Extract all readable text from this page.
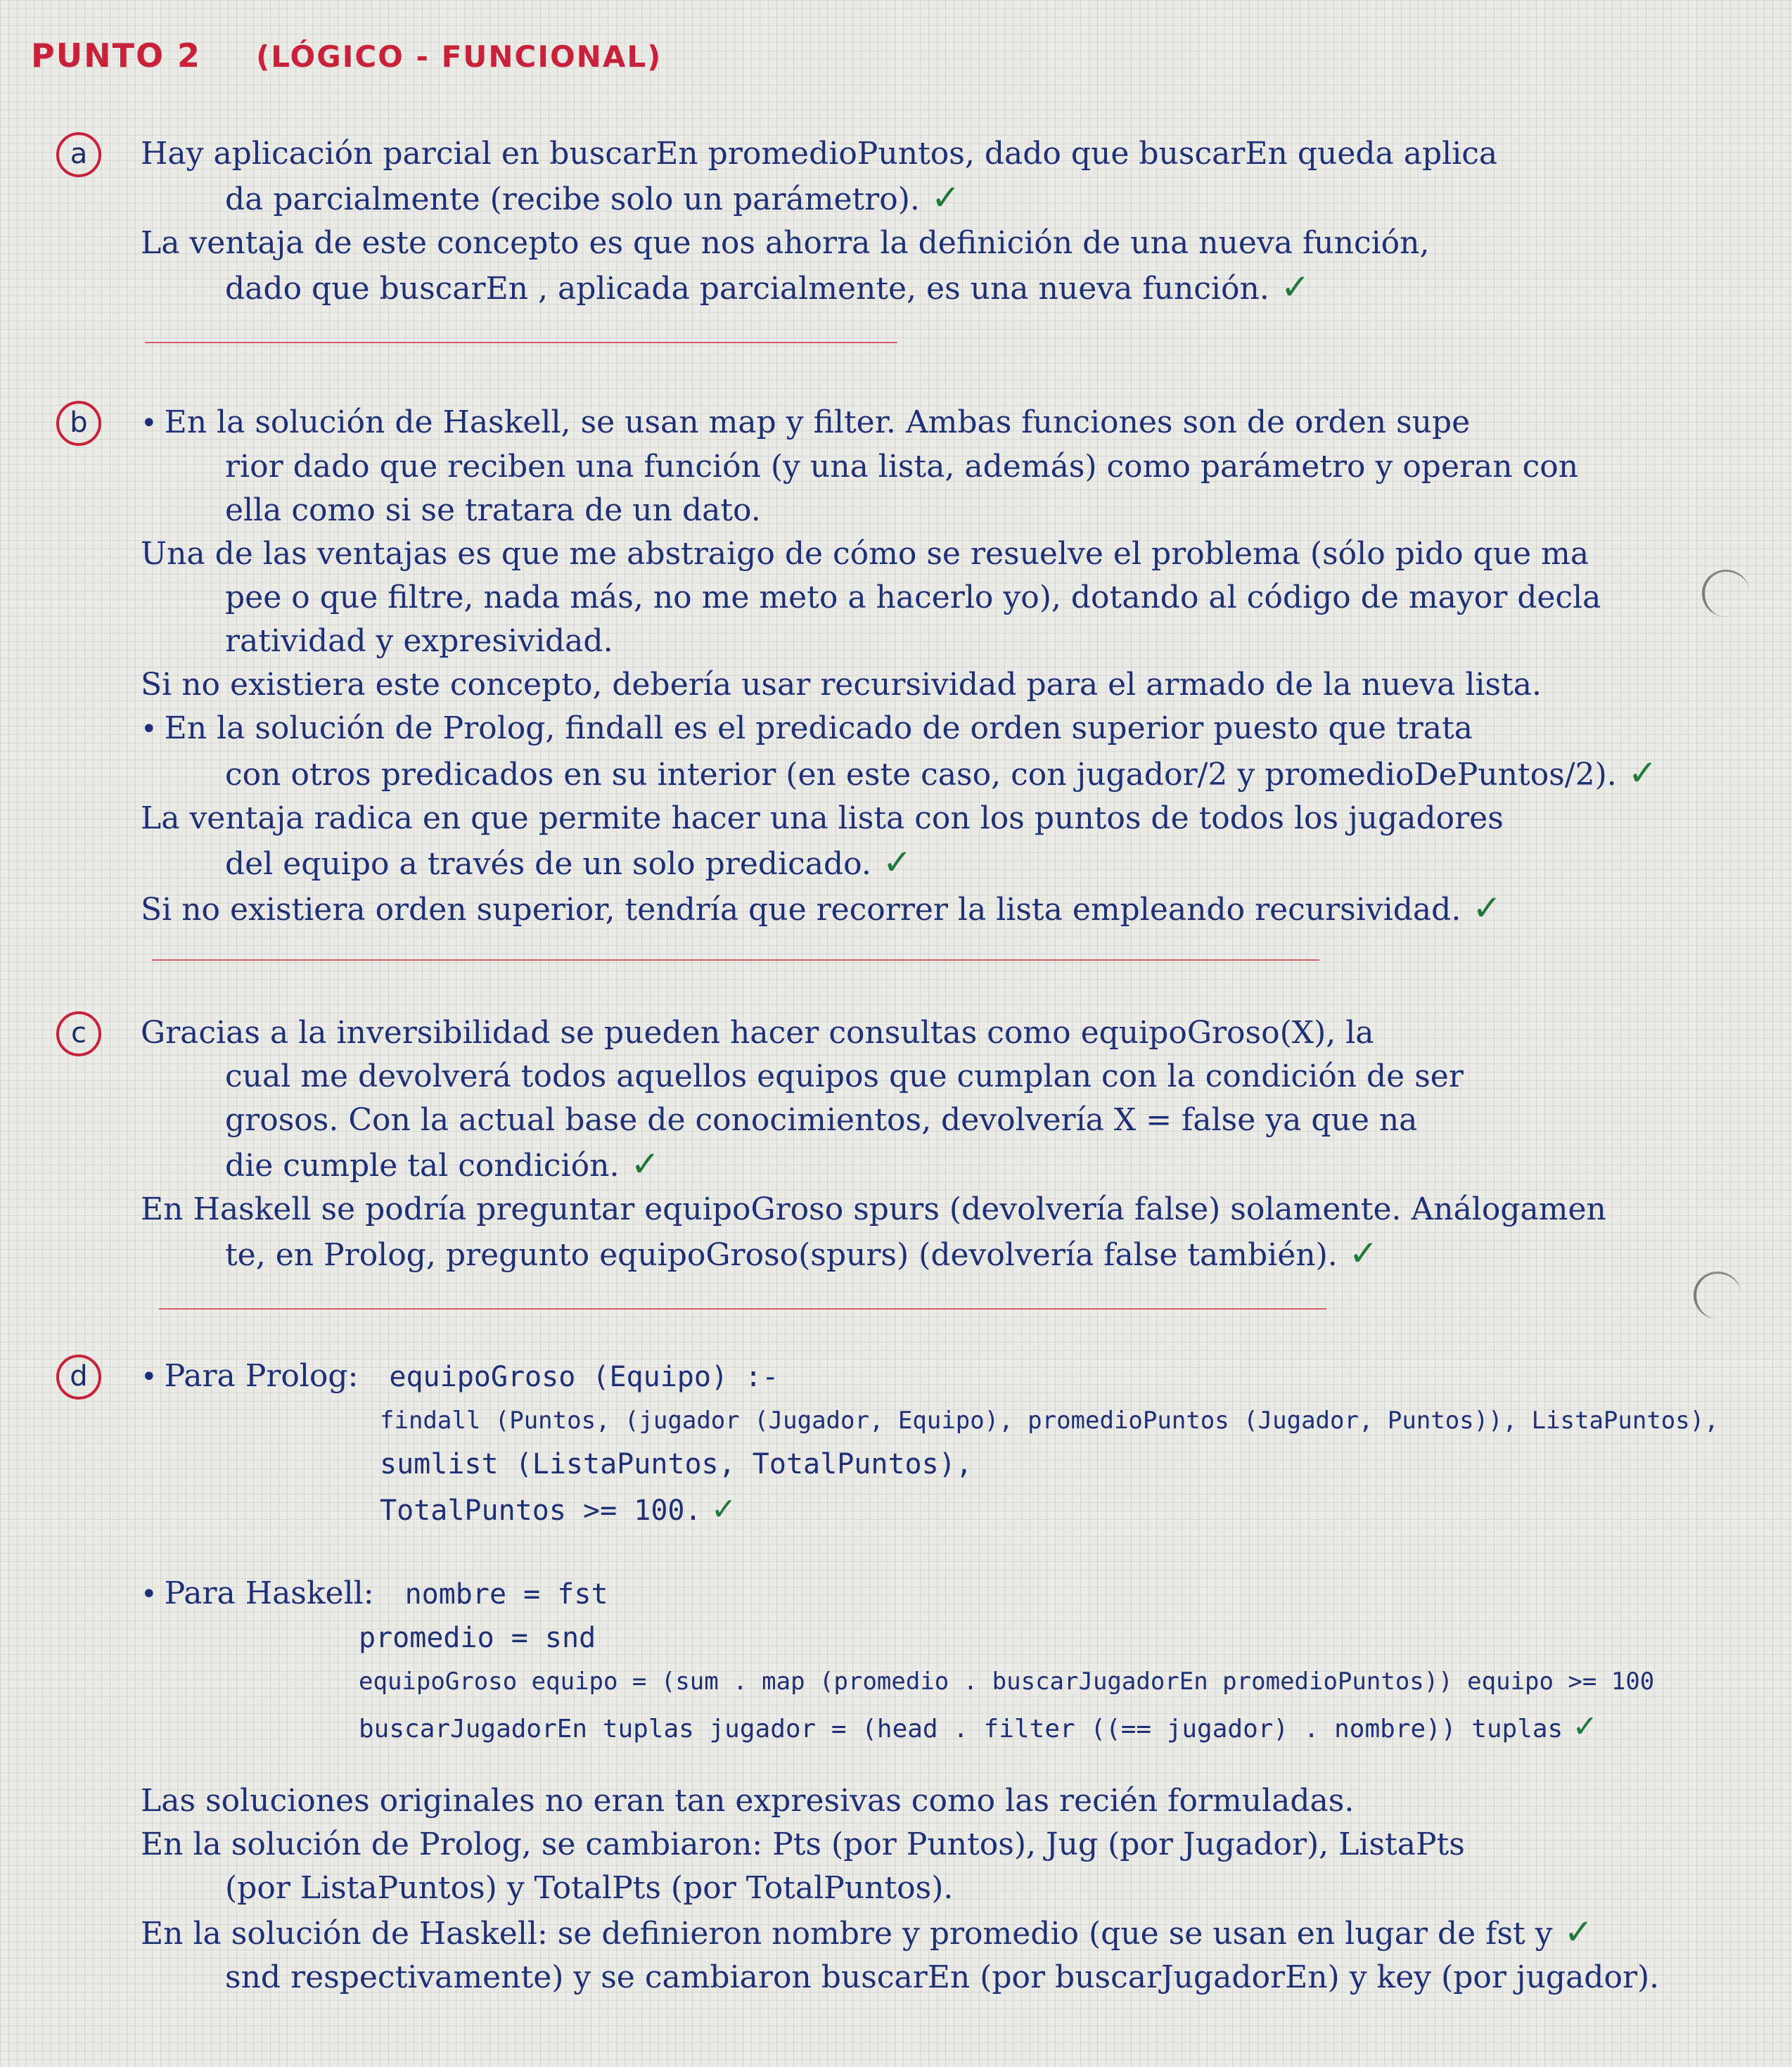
PUNTO 2 (LÓGICO - FUNCIONAL)
a	Hay aplicación parcial en buscarEn promedioPuntos, dado que buscarEn queda aplica
da parcialmente (recibe solo un parámetro). ✓
La ventaja de este concepto es que nos ahorra la definición de una nueva función,
dado que buscarEn , aplicada parcialmente, es una nueva función. ✓
b	• En la solución de Haskell, se usan map y filter. Ambas funciones son de orden supe
rior dado que reciben una función (y una lista, además) como parámetro y operan con
ella como si se tratara de un dato.
Una de las ventajas es que me abstraigo de cómo se resuelve el problema (sólo pido que ma
pee o que filtre, nada más, no me meto a hacerlo yo), dotando al código de mayor decla
ratividad y expresividad.
Si no existiera este concepto, debería usar recursividad para el armado de la nueva lista.
• En la solución de Prolog, findall es el predicado de orden superior puesto que trata
con otros predicados en su interior (en este caso, con jugador/2 y promedioDePuntos/2). ✓
La ventaja radica en que permite hacer una lista con los puntos de todos los jugadores
del equipo a través de un solo predicado. ✓
Si no existiera orden superior, tendría que recorrer la lista empleando recursividad. ✓
c	Gracias a la inversibilidad se pueden hacer consultas como equipoGroso(X), la
cual me devolverá todos aquellos equipos que cumplan con la condición de ser
grosos. Con la actual base de conocimientos, devolvería X = false ya que na
die cumple tal condición. ✓
En Haskell se podría preguntar equipoGroso spurs (devolvería false) solamente. Análogamen
te, en Prolog, pregunto equipoGroso(spurs) (devolvería false también). ✓
d	• Para Prolog: equipoGroso (Equipo) :-
findall (Puntos, (jugador (Jugador, Equipo), promedioPuntos (Jugador, Puntos)), ListaPuntos),
sumlist (ListaPuntos, TotalPuntos),
TotalPuntos >= 100. ✓
• Para Haskell: nombre = fst
promedio = snd
equipoGroso equipo = (sum . map (promedio . buscarJugadorEn promedioPuntos)) equipo >= 100
buscarJugadorEn tuplas jugador = (head . filter ((== jugador) . nombre)) tuplas ✓
Las soluciones originales no eran tan expresivas como las recién formuladas.
En la solución de Prolog, se cambiaron: Pts (por Puntos), Jug (por Jugador), ListaPts
(por ListaPuntos) y TotalPts (por TotalPuntos).
En la solución de Haskell: se definieron nombre y promedio (que se usan en lugar de fst y ✓
snd respectivamente) y se cambiaron buscarEn (por buscarJugadorEn) y key (por jugador).
